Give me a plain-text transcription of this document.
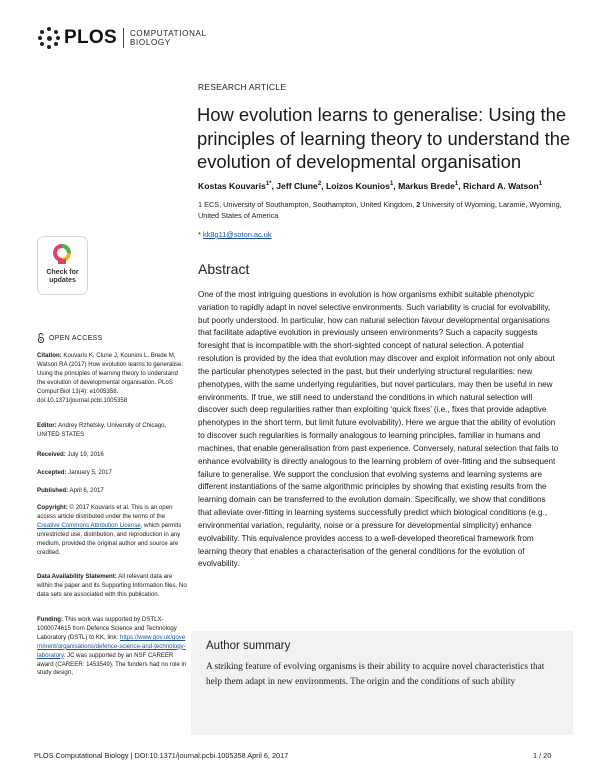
PLOS COMPUTATIONAL
BIOLOGY
RESEARCH ARTICLE
How evolution learns to generalise: Using the principles of learning theory to understand the evolution of developmental organisation
Kostas Kouvaris$^{1*}$, Jeff Clune$^2$, Loizos Kounios$^1$, Markus Brede$^1$, Richard A. Watson$^1$
1 ECS, University of Southampton, Southampton, United Kingdom, 2 University of Wyoming, Laramie, Wyoming, United States of America
* kk8g11@soton.ac.uk
Abstract
One of the most intriguing questions in evolution is how organisms exhibit suitable phenotypic variation to rapidly adapt in novel selective environments. Such variability is crucial for evolvability, but poorly understood. In particular, how can natural selection favour developmental organisations that facilitate adaptive evolution in previously unseen environments? Such a capacity suggests foresight that is incompatible with the short-sighted concept of natural selection. A potential resolution is provided by the idea that evolution may discover and exploit information not only about the particular phenotypes selected in the past, but their underlying structural regularities: new phenotypes, with the same underlying regularities, but novel particulars, may then be useful in new environments. If true, we still need to understand the conditions in which natural selection will discover such deep regularities rather than exploiting ‘quick fixes’ (i.e., fixes that provide adaptive phenotypes in the short term, but limit future evolvability). Here we argue that the ability of evolution to discover such regularities is formally analogous to learning principles, familiar in humans and machines, that enable generalisation from past experience. Conversely, natural selection that fails to enhance evolvability is directly analogous to the learning problem of over-fitting and the subsequent failure to generalise. We support the conclusion that evolving systems and learning systems are different instantiations of the same algorithmic principles by showing that existing results from the learning domain can be transferred to the evolution domain. Specifically, we show that conditions that alleviate over-fitting in learning systems successfully predict which biological conditions (e.g., environmental variation, regularity, noise or a pressure for developmental simplicity) enhance evolvability. This equivalence provides access to a well-developed theoretical framework from learning theory that enables a characterisation of the general conditions for the evolution of evolvability.
Author summary
A striking feature of evolving organisms is their ability to acquire novel characteristics that help them adapt in new environments. The origin and the conditions of such ability
Check for
updates
OPEN ACCESS
Citation: Kouvaris K, Clune J, Kounios L, Brede M, Watson RA (2017) How evolution learns to generalise: Using the principles of learning theory to understand the evolution of developmental organisation. PLoS Comput Biol 13(4): e1005358. doi:10.1371/journal.pcbi.1005358
Editor: Andrey Rzhetsky, University of Chicago, UNITED STATES
Received: July 19, 2016
Accepted: January 5, 2017
Published: April 6, 2017
Copyright: © 2017 Kouvaris et al. This is an open access article distributed under the terms of the Creative Commons Attribution License, which permits unrestricted use, distribution, and reproduction in any medium, provided the original author and source are credited.
Data Availability Statement: All relevant data are within the paper and its Supporting Information files. No data sets are associated with this publication.
Funding: This work was supported by DSTLX-1000074615 from Defence Science and Technology Laboratory (DSTL) to KK, link: https://www.gov.uk/government/organisations/defence-science-and-technology-laboratory. JC was supported by an NSF CAREER award (CAREER: 1453549). The funders had no role in study design,
PLOS Computational Biology | DOI:10.1371/journal.pcbi.1005358 April 6, 2017	1 / 20
